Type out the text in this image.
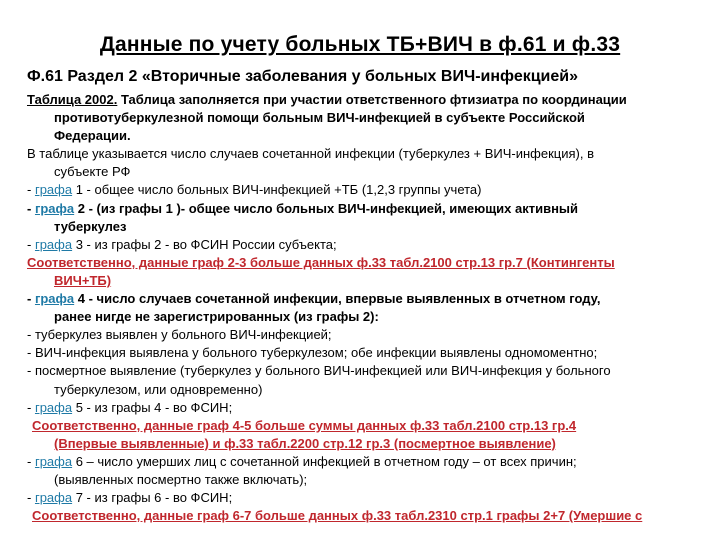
Данные по учету больных ТБ+ВИЧ в ф.61 и ф.33
Ф.61 Раздел 2 «Вторичные заболевания у больных ВИЧ-инфекцией»

Таблица 2002. Таблица заполняется при участии ответственного фтизиатра по координации

противотуберкулезной помощи больным ВИЧ-инфекцией в субъекте Российской

Федерации.

В таблице указывается число случаев сочетанной инфекции (туберкулез + ВИЧ-инфекция), в

субъекте РФ

- графа 1 - общее число больных ВИЧ-инфекцией +ТБ (1,2,3 группы учета)

- графа 2 - (из графы 1 )- общее число больных ВИЧ-инфекцией, имеющих активный

туберкулез

- графа 3 - из графы 2 - во ФСИН России субъекта;

Соответственно, данные граф 2-3 больше данных ф.33 табл.2100 стр.13 гр.7 (Контингенты

ВИЧ+ТБ)

- графа 4 - число случаев сочетанной инфекции, впервые выявленных в отчетном году,

ранее нигде не зарегистрированных (из графы 2):

- туберкулез выявлен у больного ВИЧ-инфекцией;

- ВИЧ-инфекция выявлена у больного туберкулезом; обе инфекции выявлены одномоментно;

- посмертное выявление (туберкулез у больного ВИЧ-инфекцией или ВИЧ-инфекция у больного

туберкулезом, или одновременно)

- графа 5 - из графы 4 - во ФСИН;

Соответственно, данные граф 4-5 больше суммы данных ф.33 табл.2100 стр.13 гр.4

(Впервые выявленные) и ф.33 табл.2200 стр.12 гр.3 (посмертное выявление)

- графа 6 – число умерших лиц с сочетанной инфекцией в отчетном году – от всех причин;

(выявленных посмертно также включать);

- графа 7 - из графы 6 - во ФСИН;

Соответственно, данные граф 6-7 больше данных ф.33 табл.2310 стр.1 графы 2+7 (Умершие с
